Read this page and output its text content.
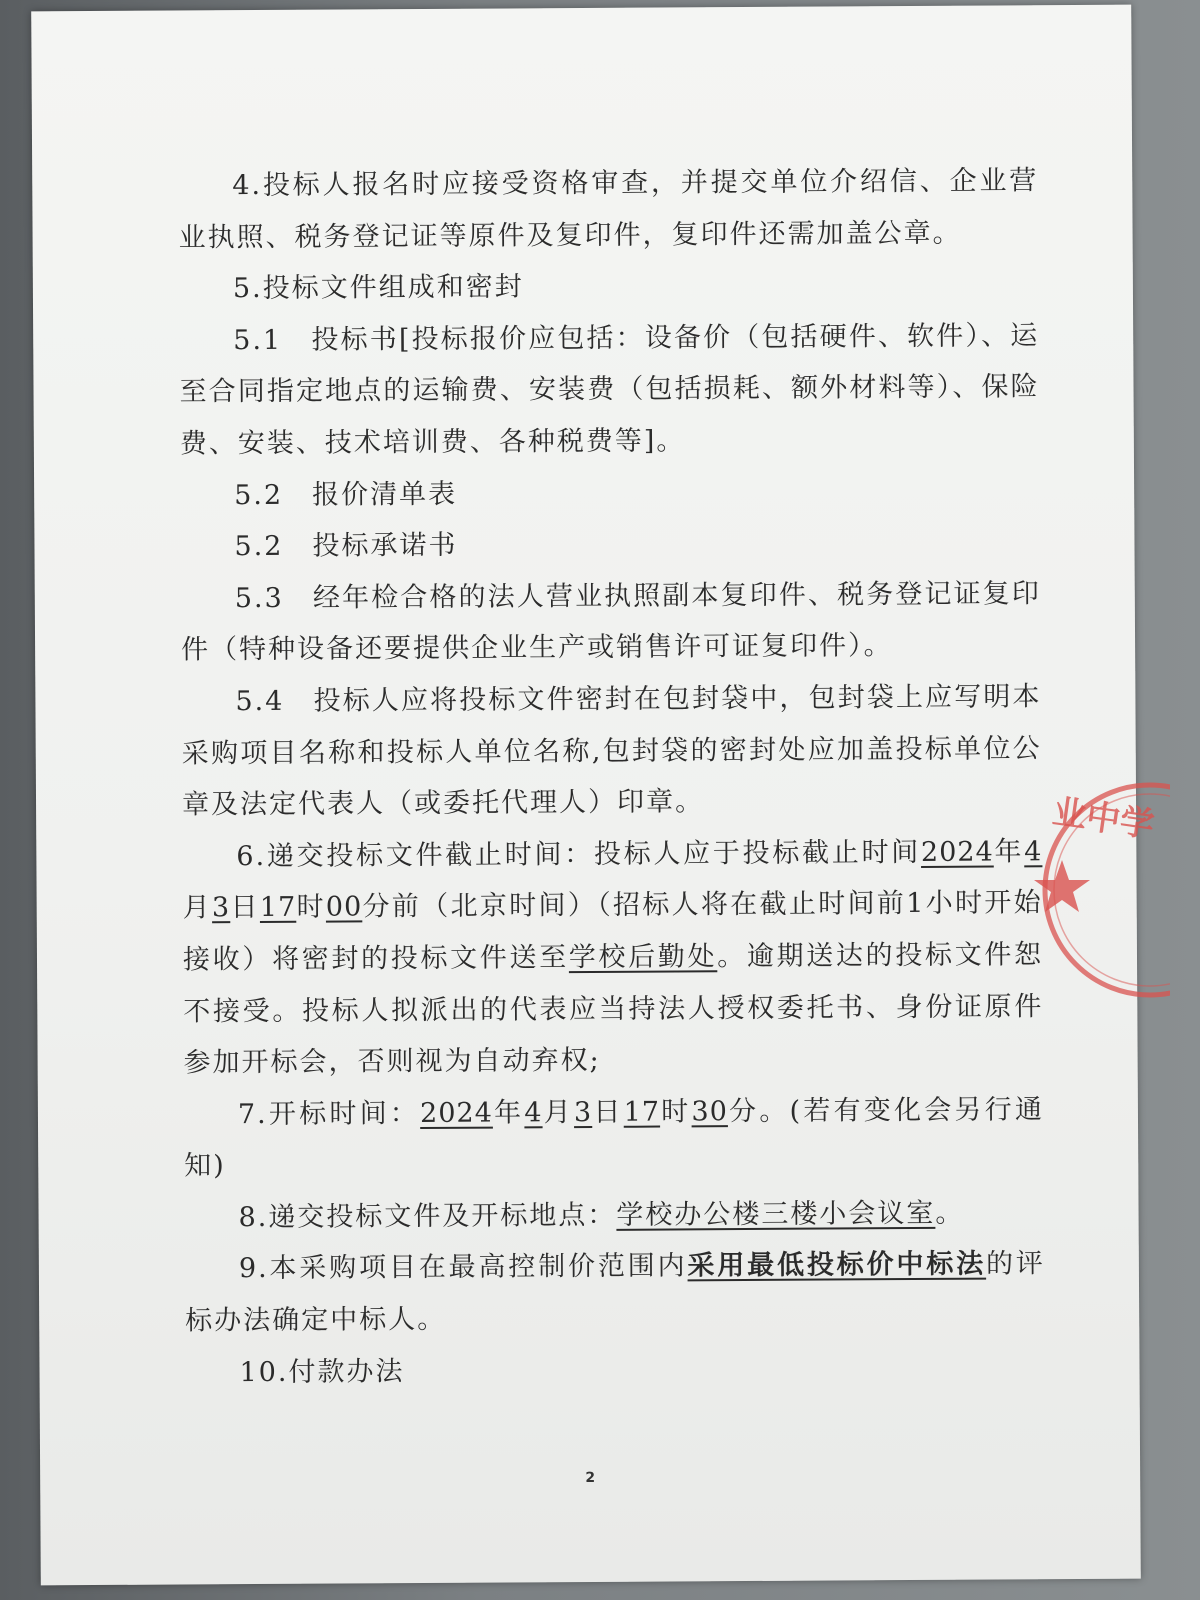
4.投标人报名时应接受资格审查，并提交单位介绍信、企业营业执照、税务登记证等原件及复印件，复印件还需加盖公章。

5.投标文件组成和密封

5.1　投标书[投标报价应包括：设备价（包括硬件、软件）、运至合同指定地点的运输费、安装费（包括损耗、额外材料等）、保险费、安装、技术培训费、各种税费等]。

5.2　报价清单表

5.2　投标承诺书

5.3　经年检合格的法人营业执照副本复印件、税务登记证复印件（特种设备还要提供企业生产或销售许可证复印件）。

5.4　投标人应将投标文件密封在包封袋中，包封袋上应写明本采购项目名称和投标人单位名称,包封袋的密封处应加盖投标单位公章及法定代表人（或委托代理人）印章。

6.递交投标文件截止时间：投标人应于投标截止时间2024年4月3日17时00分前（北京时间）（招标人将在截止时间前1小时开始接收）将密封的投标文件送至学校后勤处。逾期送达的投标文件恕不接受。投标人拟派出的代表应当持法人授权委托书、身份证原件参加开标会，否则视为自动弃权;

7.开标时间：2024年4月3日17时30分。(若有变化会另行通知)

8.递交投标文件及开标地点：学校办公楼三楼小会议室。

9.本采购项目在最高控制价范围内采用最低投标价中标法的评标办法确定中标人。

10.付款办法

2
业中学
